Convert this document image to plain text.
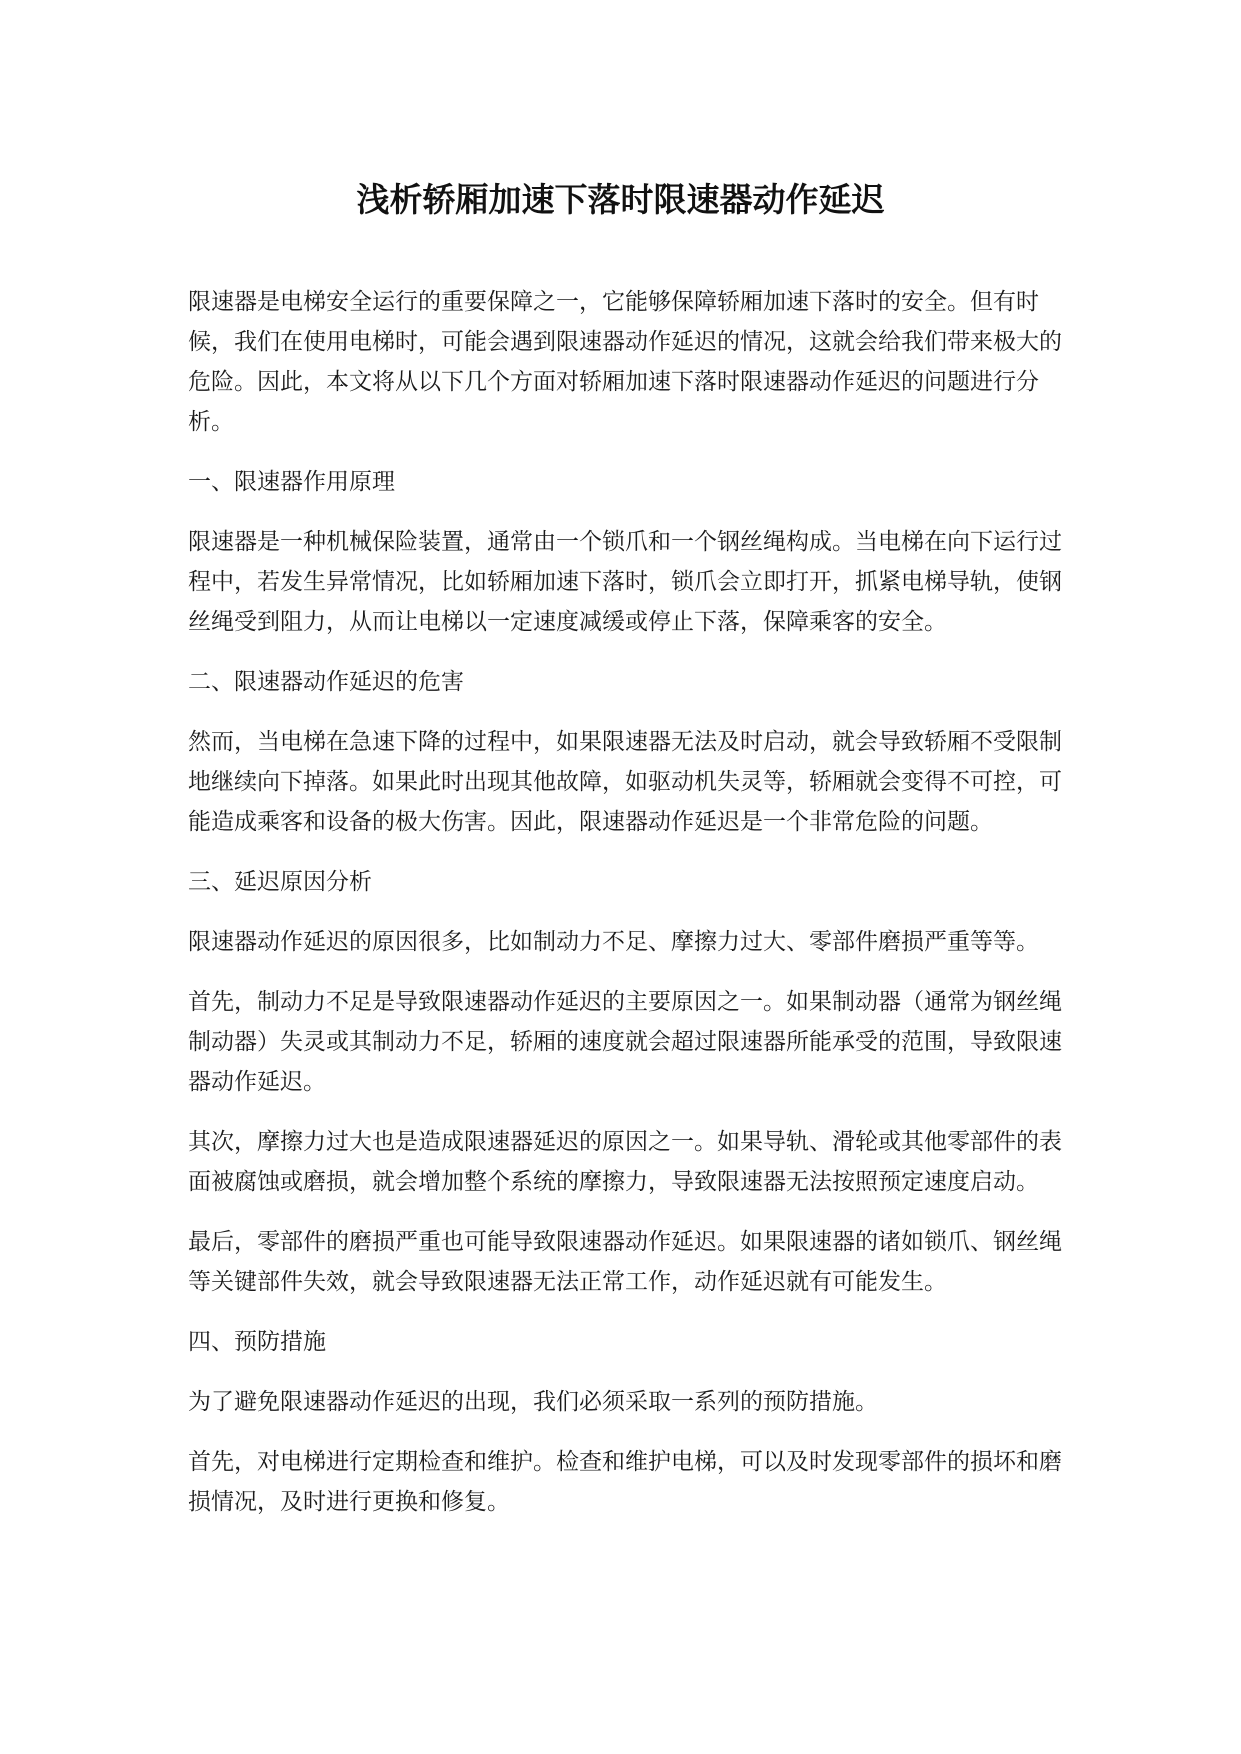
浅析轿厢加速下落时限速器动作延迟

限速器是电梯安全运行的重要保障之一，它能够保障轿厢加速下落时的安全。但有时候，我们在使用电梯时，可能会遇到限速器动作延迟的情况，这就会给我们带来极大的危险。因此，本文将从以下几个方面对轿厢加速下落时限速器动作延迟的问题进行分析。

一、限速器作用原理

限速器是一种机械保险装置，通常由一个锁爪和一个钢丝绳构成。当电梯在向下运行过程中，若发生异常情况，比如轿厢加速下落时，锁爪会立即打开，抓紧电梯导轨，使钢丝绳受到阻力，从而让电梯以一定速度减缓或停止下落，保障乘客的安全。

二、限速器动作延迟的危害

然而，当电梯在急速下降的过程中，如果限速器无法及时启动，就会导致轿厢不受限制地继续向下掉落。如果此时出现其他故障，如驱动机失灵等，轿厢就会变得不可控，可能造成乘客和设备的极大伤害。因此，限速器动作延迟是一个非常危险的问题。

三、延迟原因分析

限速器动作延迟的原因很多，比如制动力不足、摩擦力过大、零部件磨损严重等等。

首先，制动力不足是导致限速器动作延迟的主要原因之一。如果制动器（通常为钢丝绳制动器）失灵或其制动力不足，轿厢的速度就会超过限速器所能承受的范围，导致限速器动作延迟。

其次，摩擦力过大也是造成限速器延迟的原因之一。如果导轨、滑轮或其他零部件的表面被腐蚀或磨损，就会增加整个系统的摩擦力，导致限速器无法按照预定速度启动。

最后，零部件的磨损严重也可能导致限速器动作延迟。如果限速器的诸如锁爪、钢丝绳等关键部件失效，就会导致限速器无法正常工作，动作延迟就有可能发生。

四、预防措施

为了避免限速器动作延迟的出现，我们必须采取一系列的预防措施。

首先，对电梯进行定期检查和维护。检查和维护电梯，可以及时发现零部件的损坏和磨损情况，及时进行更换和修复。
